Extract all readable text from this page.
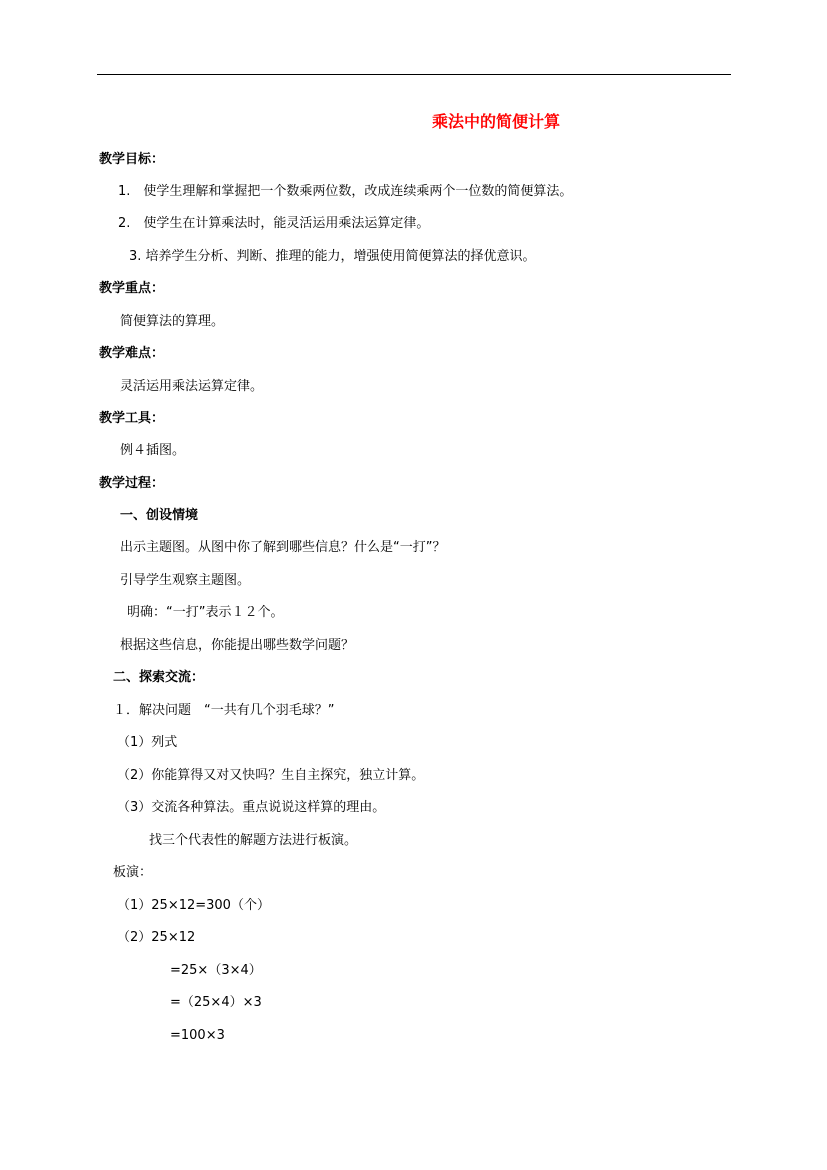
乘法中的简便计算
教学目标：
1.　使学生理解和掌握把一个数乘两位数，改成连续乘两个一位数的简便算法。
2.　使学生在计算乘法时，能灵活运用乘法运算定律。
3. 培养学生分析、判断、推理的能力，增强使用简便算法的择优意识。
教学重点：
简便算法的算理。
教学难点：
灵活运用乘法运算定律。
教学工具：
例４插图。
教学过程：
一、创设情境
出示主题图。从图中你了解到哪些信息？什么是“一打”？
引导学生观察主题图。
明确：“一打”表示１２个。
根据这些信息，你能提出哪些数学问题？
二、探索交流：
１．解决问题　“一共有几个羽毛球？”
（1）列式
（2）你能算得又对又快吗？生自主探究，独立计算。
（3）交流各种算法。重点说说这样算的理由。
找三个代表性的解题方法进行板演。
板演：
（1）25×12=300（个）
（2）25×12
=25×（3×4）
=（25×4）×3
=100×3
